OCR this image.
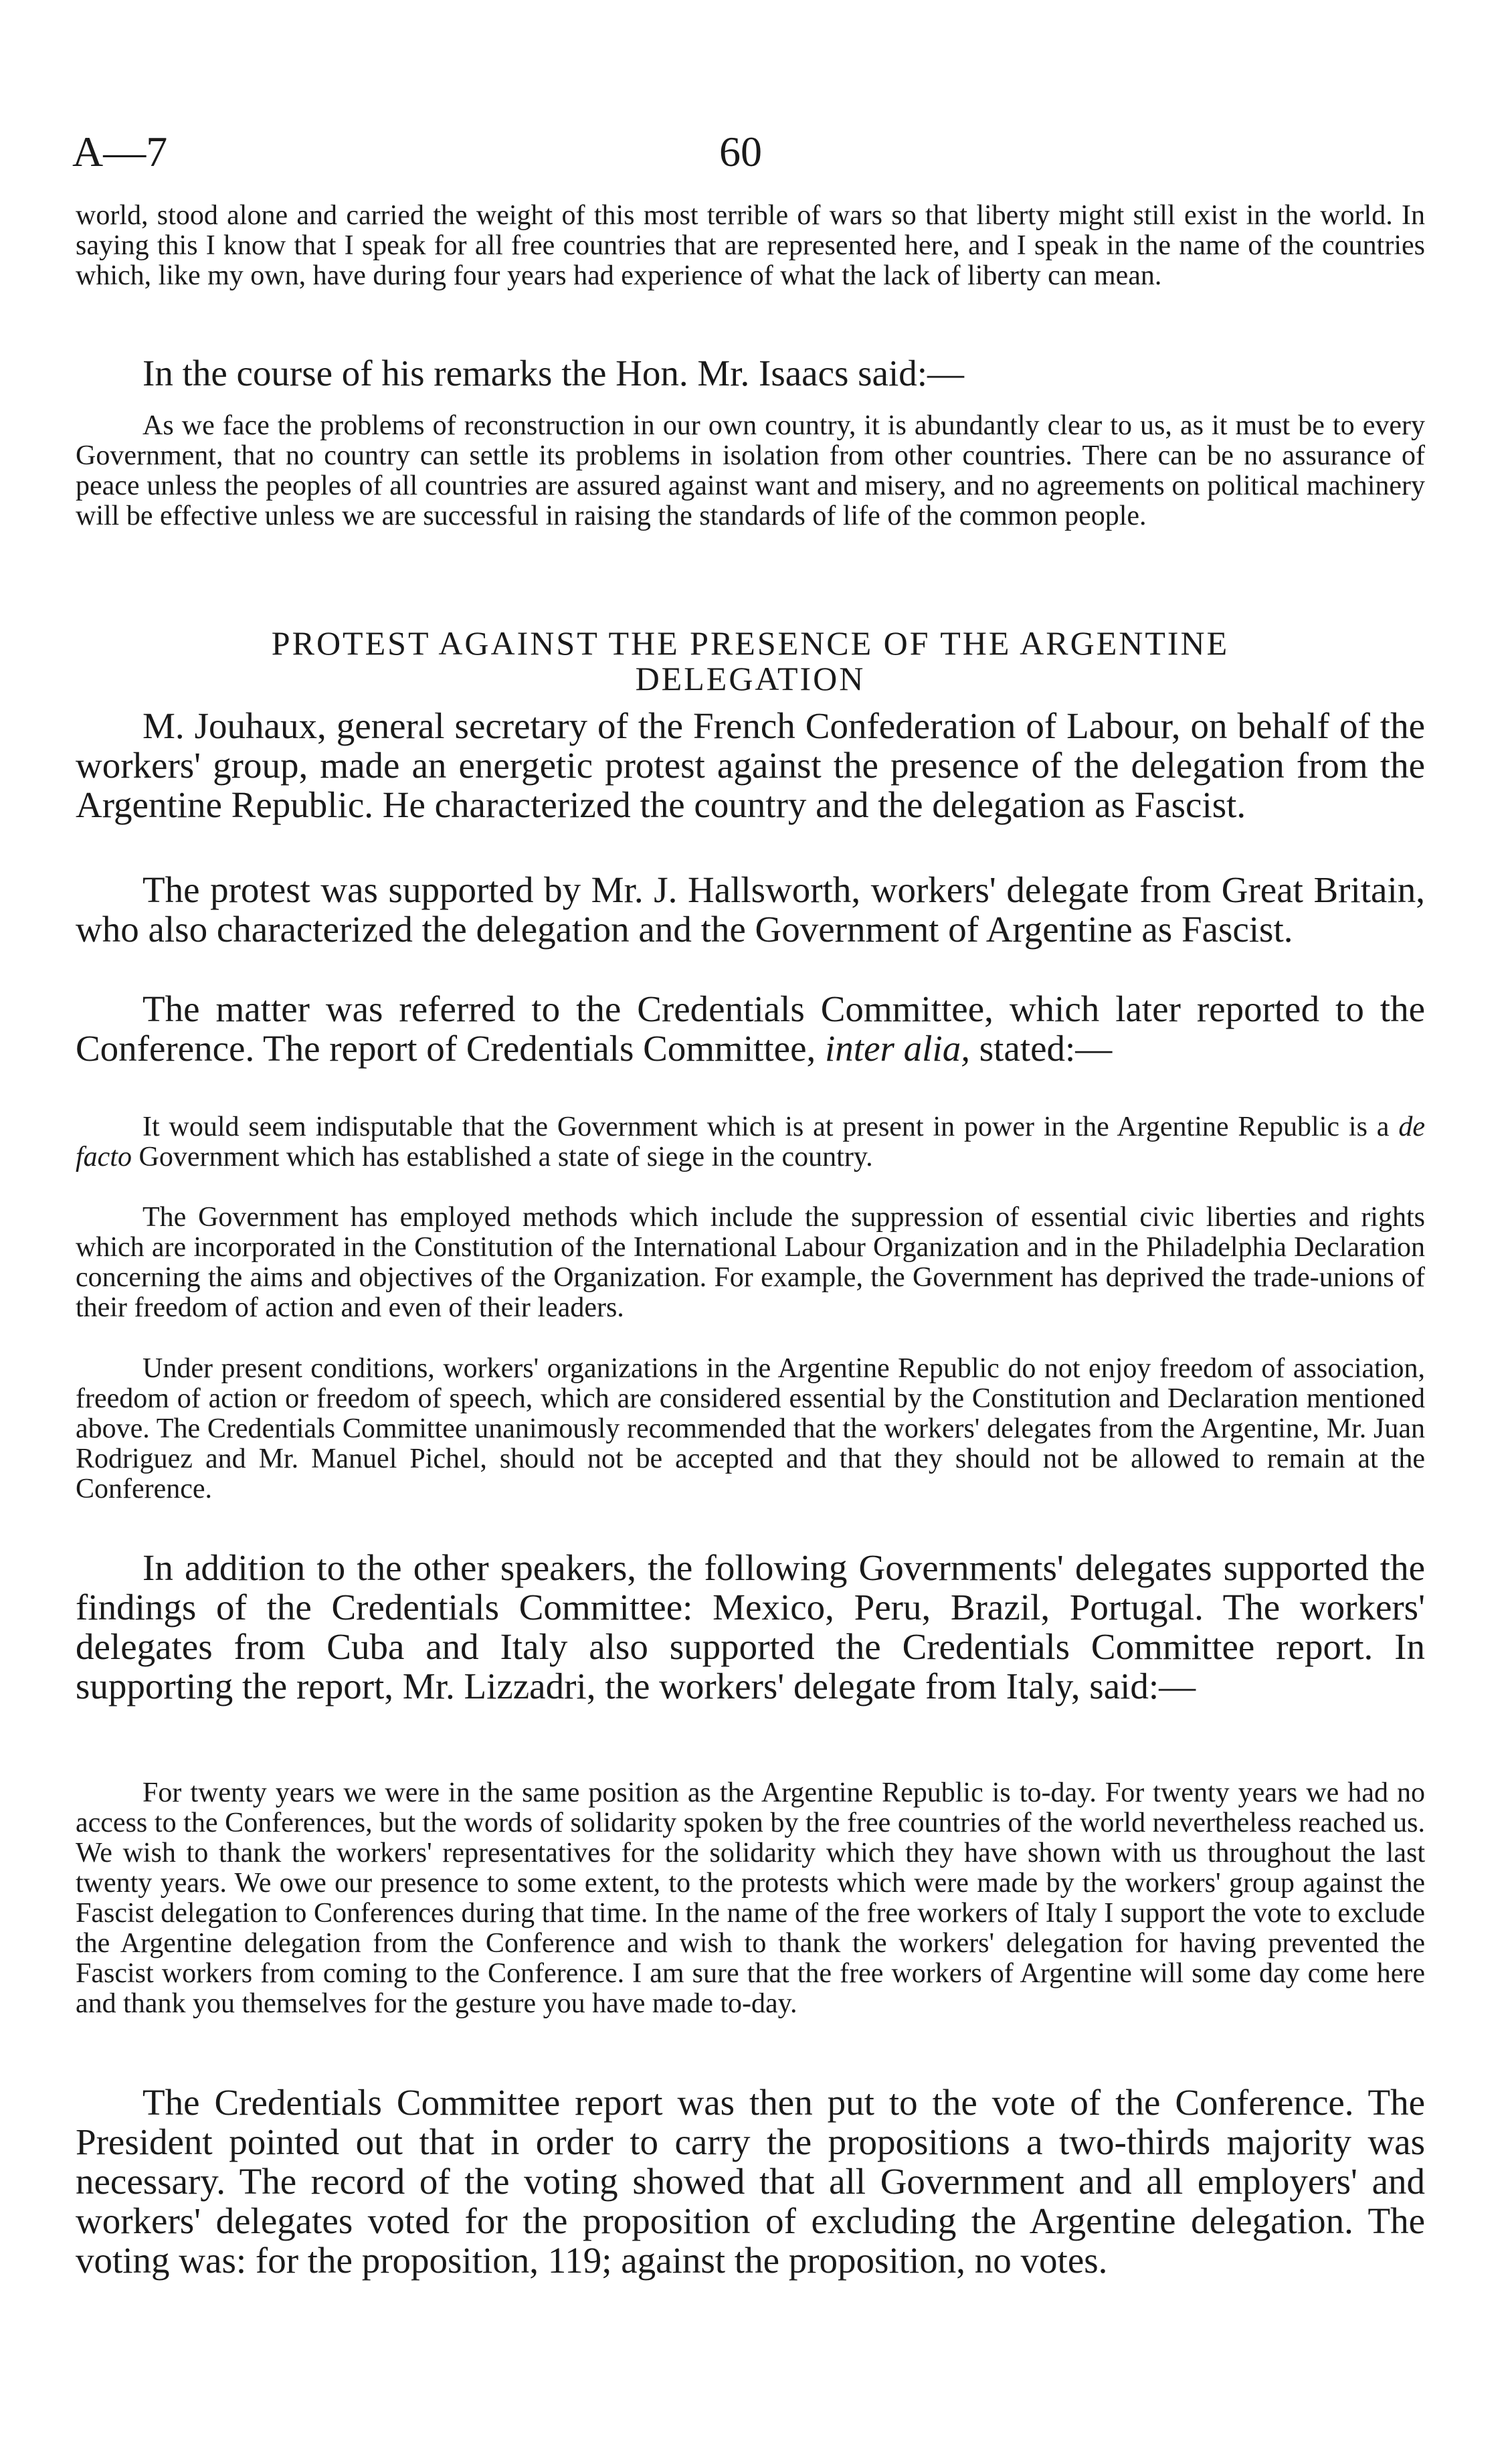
A—7	60
world, stood alone and carried the weight of this most terrible of wars so that liberty might still exist in the world. In saying this I know that I speak for all free countries that are represented here, and I speak in the name of the countries which, like my own, have during four years had experience of what the lack of liberty can mean.
In the course of his remarks the Hon. Mr. Isaacs said:—
As we face the problems of reconstruction in our own country, it is abundantly clear to us, as it must be to every Government, that no country can settle its problems in isolation from other countries. There can be no assurance of peace unless the peoples of all countries are assured against want and misery, and no agreements on political machinery will be effective unless we are successful in raising the standards of life of the common people.
PROTEST AGAINST THE PRESENCE OF THE ARGENTINE
DELEGATION
M. Jouhaux, general secretary of the French Confederation of Labour, on behalf of the workers' group, made an energetic protest against the presence of the delegation from the Argentine Republic. He characterized the country and the delegation as Fascist.
The protest was supported by Mr. J. Hallsworth, workers' delegate from Great Britain, who also characterized the delegation and the Government of Argentine as Fascist.
The matter was referred to the Credentials Committee, which later reported to the Conference. The report of Credentials Committee, inter alia, stated:—
It would seem indisputable that the Government which is at present in power in the Argentine Republic is a de facto Government which has established a state of siege in the country.
The Government has employed methods which include the suppression of essential civic liberties and rights which are incorporated in the Constitution of the International Labour Organization and in the Philadelphia Declaration concerning the aims and objectives of the Organization. For example, the Government has deprived the trade-unions of their freedom of action and even of their leaders.
Under present conditions, workers' organizations in the Argentine Republic do not enjoy freedom of association, freedom of action or freedom of speech, which are considered essential by the Constitution and Declaration mentioned above. The Credentials Committee unanimously recommended that the workers' delegates from the Argentine, Mr. Juan Rodriguez and Mr. Manuel Pichel, should not be accepted and that they should not be allowed to remain at the Conference.
In addition to the other speakers, the following Governments' delegates supported the findings of the Credentials Committee: Mexico, Peru, Brazil, Portugal. The workers' delegates from Cuba and Italy also supported the Credentials Committee report. In supporting the report, Mr. Lizzadri, the workers' delegate from Italy, said:—
For twenty years we were in the same position as the Argentine Republic is to-day. For twenty years we had no access to the Conferences, but the words of solidarity spoken by the free countries of the world nevertheless reached us. We wish to thank the workers' representatives for the solidarity which they have shown with us throughout the last twenty years. We owe our presence to some extent, to the protests which were made by the workers' group against the Fascist delegation to Conferences during that time. In the name of the free workers of Italy I support the vote to exclude the Argentine delegation from the Conference and wish to thank the workers' delegation for having prevented the Fascist workers from coming to the Conference. I am sure that the free workers of Argentine will some day come here and thank you themselves for the gesture you have made to-day.
The Credentials Committee report was then put to the vote of the Conference. The President pointed out that in order to carry the propositions a two-thirds majority was necessary. The record of the voting showed that all Government and all employers' and workers' delegates voted for the proposition of excluding the Argentine delegation. The voting was: for the proposition, 119; against the proposition, no votes.
